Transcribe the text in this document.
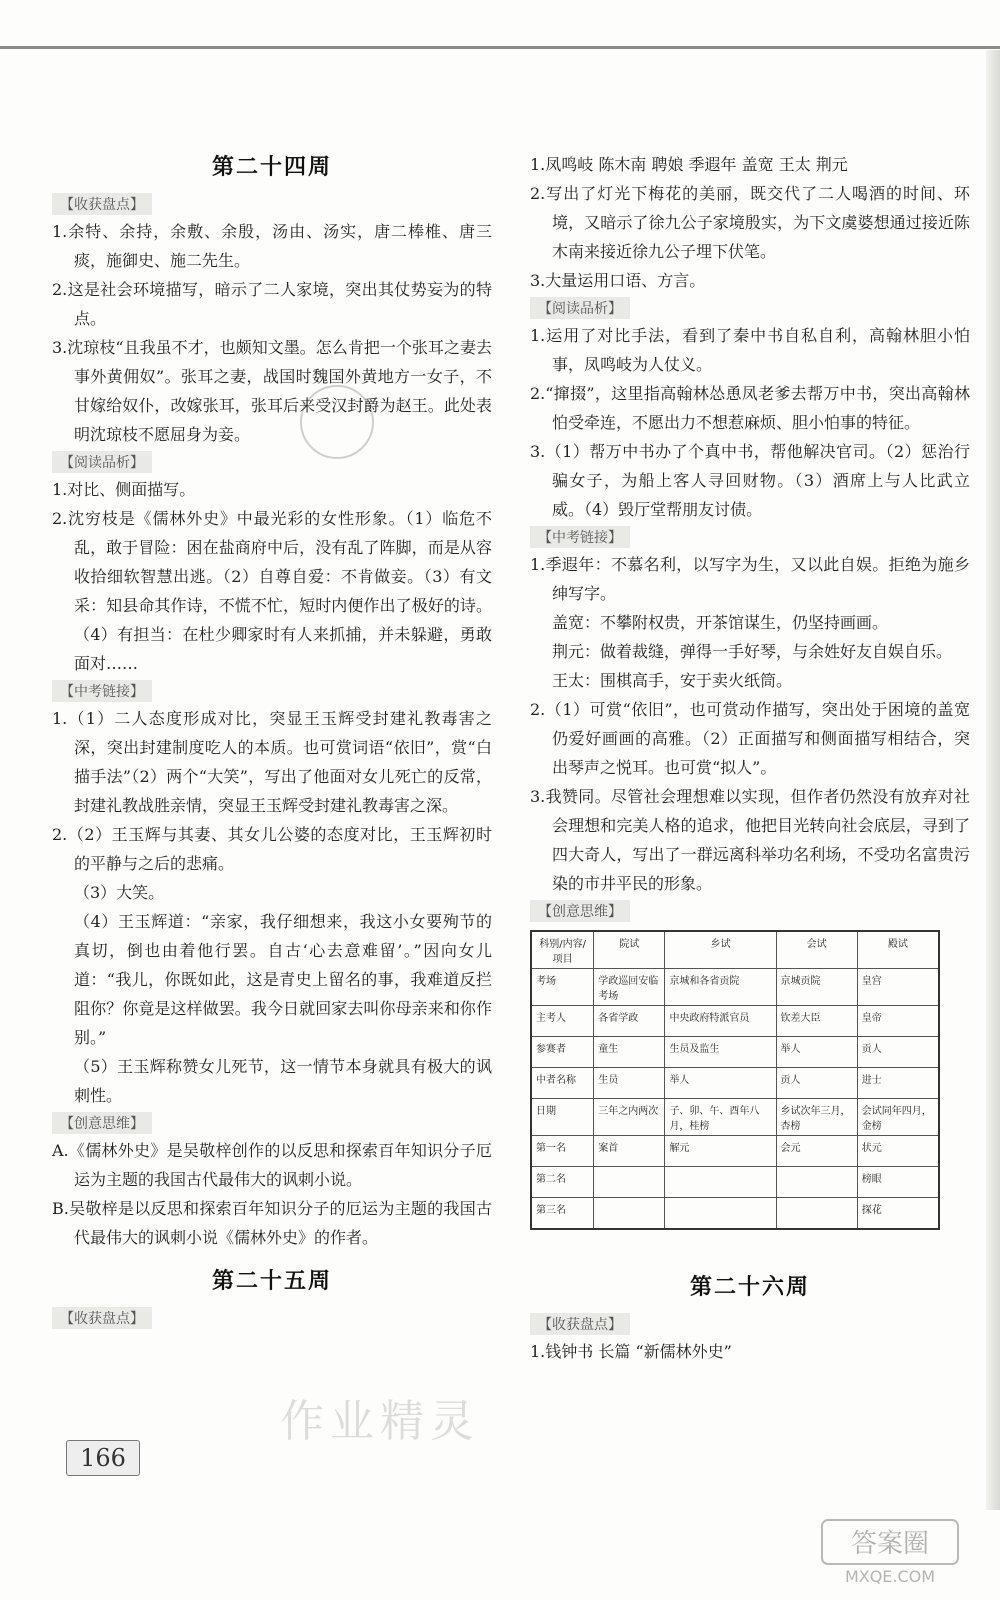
第二十四周
【收获盘点】

1.余特、余持，余敷、余殷，汤由、汤实，唐二棒椎、唐三痰，施御史、施二先生。

2.这是社会环境描写，暗示了二人家境，突出其仗势妄为的特点。

3.沈琼枝“且我虽不才，也颇知文墨。怎么肯把一个张耳之妻去事外黄佣奴”。张耳之妻，战国时魏国外黄地方一女子，不甘嫁给奴仆，改嫁张耳，张耳后来受汉封爵为赵王。此处表明沈琼枝不愿屈身为妾。

【阅读品析】

1.对比、侧面描写。

2.沈穷枝是《儒林外史》中最光彩的女性形象。（1）临危不乱，敢于冒险：困在盐商府中后，没有乱了阵脚，而是从容收拾细软智慧出逃。（2）自尊自爱：不肯做妾。（3）有文采：知县命其作诗，不慌不忙，短时内便作出了极好的诗。（4）有担当：在杜少卿家时有人来抓捕，并未躲避，勇敢面对……

【中考链接】

1.（1）二人态度形成对比，突显王玉辉受封建礼教毒害之深，突出封建制度吃人的本质。也可赏词语“依旧”，赏“白描手法”（2）两个“大笑”，写出了他面对女儿死亡的反常，封建礼教战胜亲情，突显王玉辉受封建礼教毒害之深。

2.（2）王玉辉与其妻、其女儿公婆的态度对比，王玉辉初时的平静与之后的悲痛。

（3）大笑。

（4）王玉辉道：“亲家，我仔细想来，我这小女要殉节的真切，倒也由着他行罢。自古‘心去意难留’。”因向女儿道：“我儿，你既如此，这是青史上留名的事，我难道反拦阻你？你竟是这样做罢。我今日就回家去叫你母亲来和你作别。”

（5）王玉辉称赞女儿死节，这一情节本身就具有极大的讽刺性。

【创意思维】

A.《儒林外史》是吴敬梓创作的以反思和探索百年知识分子厄运为主题的我国古代最伟大的讽刺小说。

B.吴敬梓是以反思和探索百年知识分子的厄运为主题的我国古代最伟大的讽刺小说《儒林外史》的作者。

第二十五周
【收获盘点】

1.凤鸣岐 陈木南 聘娘 季遐年 盖宽 王太 荆元

2.写出了灯光下梅花的美丽，既交代了二人喝酒的时间、环境，又暗示了徐九公子家境殷实，为下文虞婆想通过接近陈木南来接近徐九公子埋下伏笔。

3.大量运用口语、方言。

【阅读品析】

1.运用了对比手法，看到了秦中书自私自利，高翰林胆小怕事，凤鸣岐为人仗义。

2.“撺掇”，这里指高翰林怂恿凤老爹去帮万中书，突出高翰林怕受牵连，不愿出力不想惹麻烦、胆小怕事的特征。

3.（1）帮万中书办了个真中书，帮他解决官司。（2）惩治行骗女子，为船上客人寻回财物。（3）酒席上与人比武立威。（4）毁厅堂帮朋友讨债。

【中考链接】

1.季遐年：不慕名利，以写字为生，又以此自娱。拒绝为施乡绅写字。

盖宽：不攀附权贵，开茶馆谋生，仍坚持画画。

荆元：做着裁缝，弹得一手好琴，与余姓好友自娱自乐。

王太：围棋高手，安于卖火纸筒。

2.（1）可赏“依旧”，也可赏动作描写，突出处于困境的盖宽仍爱好画画的高雅。（2）正面描写和侧面描写相结合，突出琴声之悦耳。也可赏“拟人”。

3.我赞同。尽管社会理想难以实现，但作者仍然没有放弃对社会理想和完美人格的追求，他把目光转向社会底层，寻到了四大奇人，写出了一群远离科举功名利场，不受功名富贵污染的市井平民的形象。

【创意思维】
科别/内容/项目	院试	乡试	会试	殿试
考场	学政巡回安临考场	京城和各省贡院	京城贡院	皇宫
主考人	各省学政	中央政府特派官员	钦差大臣	皇帝
参赛者	童生	生员及监生	举人	贡人
中者名称	生员	举人	贡人	进士
日期	三年之内两次	子、卯、午、酉年八月，桂榜	乡试次年三月，杏榜	会试同年四月，金榜
第一名	案首	解元	会元	状元
第二名				榜眼
第三名				探花
第二十六周
【收获盘点】

1.钱钟书 长篇 “新儒林外史”

作业精灵
166
答案圈
MXQE.COM
